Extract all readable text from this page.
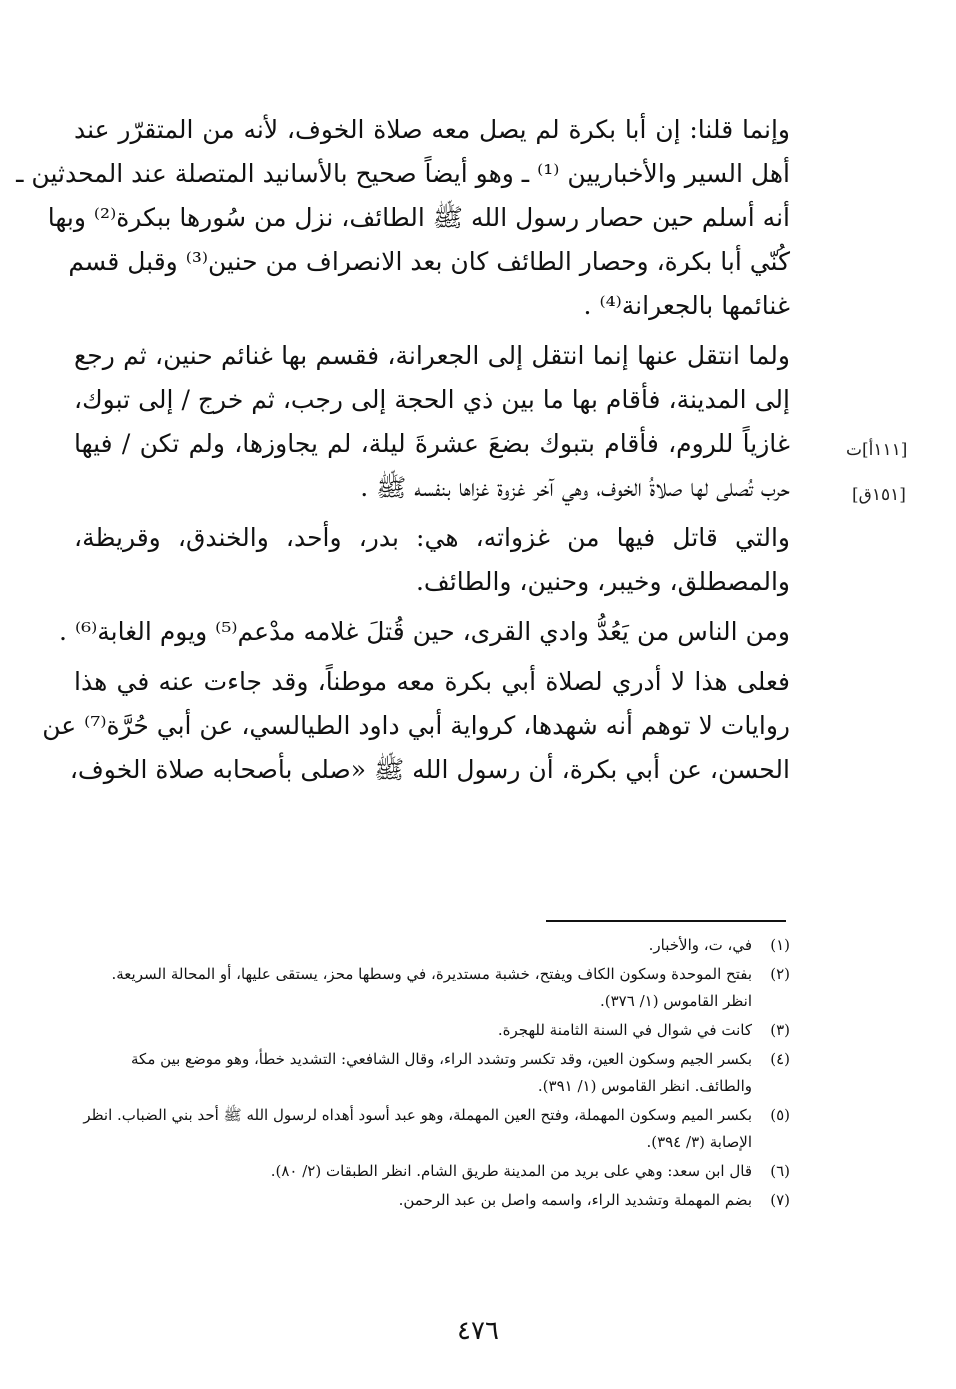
وإنما قلنا: إن أبا بكرة لم يصل معه صلاة الخوف، لأنه من المتقرّر عند
أهل السير والأخباريين ⁽¹⁾ ـ وهو أيضاً صحيح بالأسانيد المتصلة عند المحدثين ـ
أنه أسلم حين حصار رسول الله ﷺ الطائف، نزل من سُورها ببكرة⁽²⁾ وبها
كُنّي أبا بكرة، وحصار الطائف كان بعد الانصراف من حنين⁽³⁾ وقبل قسم
غنائمها بالجعرانة⁽⁴⁾ .
ولما انتقل عنها إنما انتقل إلى الجعرانة، فقسم بها غنائم حنين، ثم رجع
إلى المدينة، فأقام بها ما بين ذي الحجة إلى رجب، ثم خرج / إلى تبوك،
غازياً للروم، فأقام بتبوك بضعَ عشرةَ ليلة، لم يجاوزها، ولم تكن / فيها
حرب تُصلى لها صلاةُ الخوف، وهي آخر غزوة غزاها بنفسه ﷺ .
والتي قاتل فيها من غزواته، هي: بدر، وأحد، والخندق، وقريظة،
والمصطلق، وخيبر، وحنين، والطائف.
ومن الناس من يَعُدُّ وادي القرى، حين قُتلَ غلامه مدْعم⁽⁵⁾ ويوم الغابة⁽⁶⁾ .
فعلى هذا لا أدري لصلاة أبي بكرة معه موطناً، وقد جاءت عنه في هذا
روايات لا توهم أنه شهدها، كرواية أبي داود الطيالسي، عن أبي حُرَّة⁽⁷⁾ عن
الحسن، عن أبي بكرة، أن رسول الله ﷺ «صلى بأصحابه صلاة الخوف،
[١١١أ]ت
[١٥١ق]
(١)
في، ت، والأخبار.
(٢)
بفتح الموحدة وسكون الكاف ويفتح، خشبة مستديرة، في وسطها محز، يستقى عليها، أو المحالة السريعة.
انظر القاموس (١/ ٣٧٦).
(٣)
كانت في شوال في السنة الثامنة للهجرة.
(٤)
بكسر الجيم وسكون العين، وقد تكسر وتشدد الراء، وقال الشافعي: التشديد خطأ، وهو موضع بين مكة
والطائف. انظر القاموس (١/ ٣٩١).
(٥)
بكسر الميم وسكون المهملة، وفتح العين المهملة، وهو عبد أسود أهداه لرسول الله ﷺ أحد بني الضباب. انظر
الإصابة (٣/ ٣٩٤).
(٦)
قال ابن سعد: وهي على بريد من المدينة طريق الشام. انظر الطبقات (٢/ ٨٠).
(٧)
بضم المهملة وتشديد الراء، واسمه واصل بن عبد الرحمن.
٤٧٦
